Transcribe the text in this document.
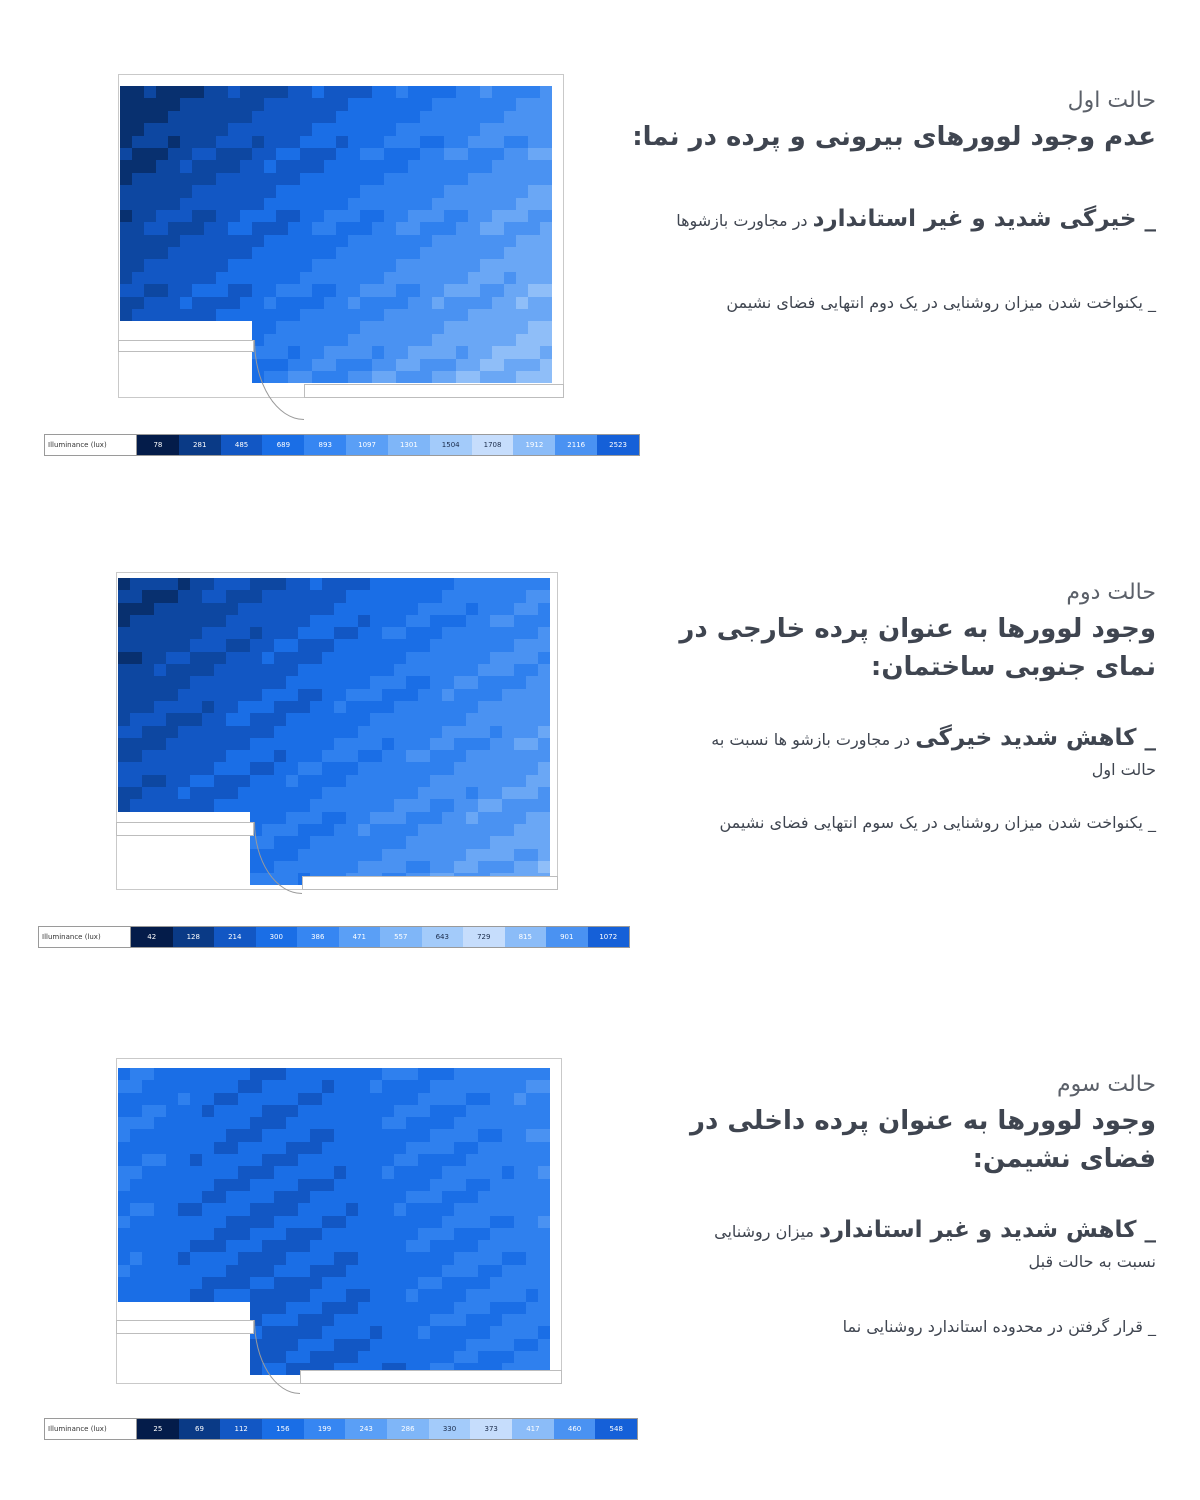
Illuminance (lux)	78	281	485	689	893	1097	1301	1504	1708	1912	2116	2523

حالت اول

عدم وجود لوورهای بیرونی و پرده در نما:

_ خیرگی شدید و غیر استاندارد در مجاورت بازشوها

_ یکنواخت شدن میزان روشنایی در یک دوم انتهایی فضای نشیمن

Illuminance (lux)	42	128	214	300	386	471	557	643	729	815	901	1072

حالت دوم

وجود لوورها به عنوان پرده خارجی در نمای جنوبی ساختمان:

_ کاهش شدید خیرگی در مجاورت بازشو ها نسبت به

حالت اول

_ یکنواخت شدن میزان روشنایی در یک سوم انتهایی فضای نشیمن

Illuminance (lux)	25	69	112	156	199	243	286	330	373	417	460	548

حالت سوم

وجود لوورها به عنوان پرده داخلی در فضای نشیمن:

_ کاهش شدید و غیر استاندارد میزان روشنایی

نسبت به حالت قبل

_ قرار گرفتن در محدوده استاندارد روشنایی نما
